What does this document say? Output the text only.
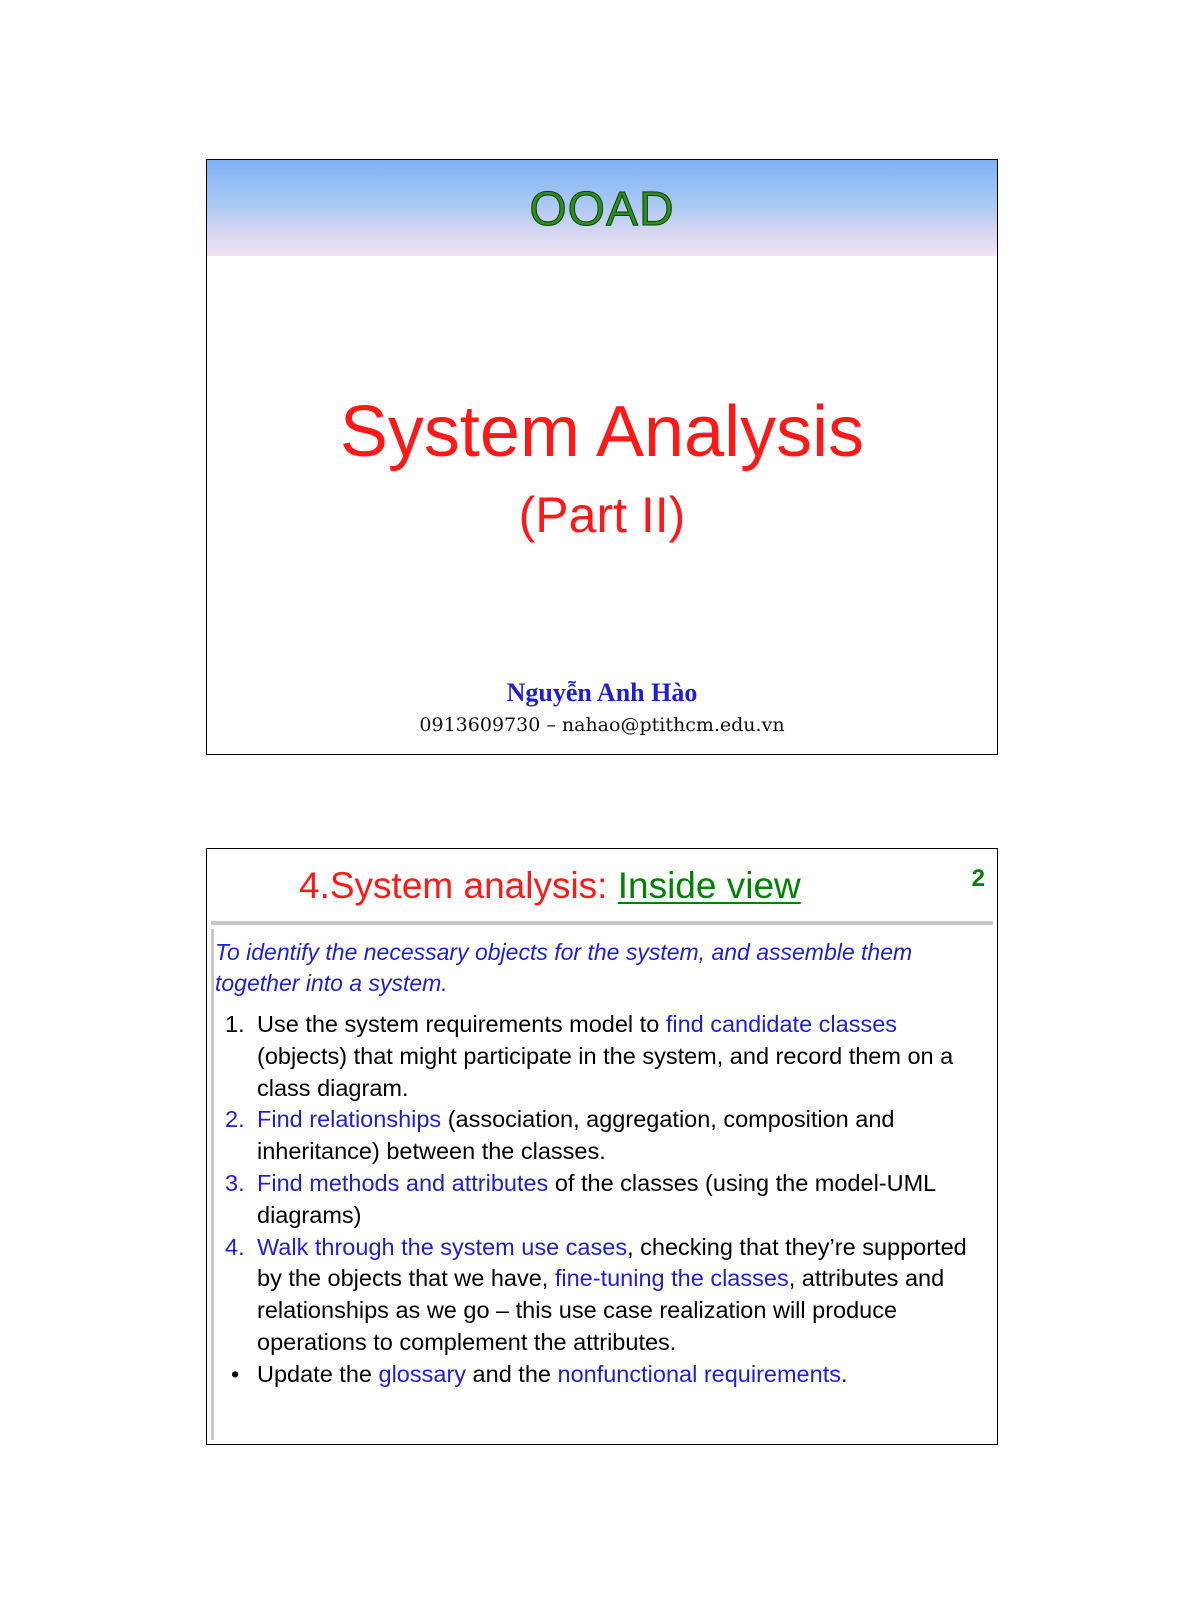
OOAD
System Analysis
(Part II)
Nguyễn Anh Hào
0913609730 – nahao@ptithcm.edu.vn
4.System analysis: Inside view	2
To identify the necessary objects for the system, and assemble them together into a system.
1. Use the system requirements model to find candidate classes (objects) that might participate in the system, and record them on a class diagram.
2. Find relationships (association, aggregation, composition and inheritance) between the classes.
3. Find methods and attributes of the classes (using the model-UML diagrams)
4. Walk through the system use cases, checking that they’re supported by the objects that we have, fine-tuning the classes, attributes and relationships as we go – this use case realization will produce operations to complement the attributes.
• Update the glossary and the nonfunctional requirements.
